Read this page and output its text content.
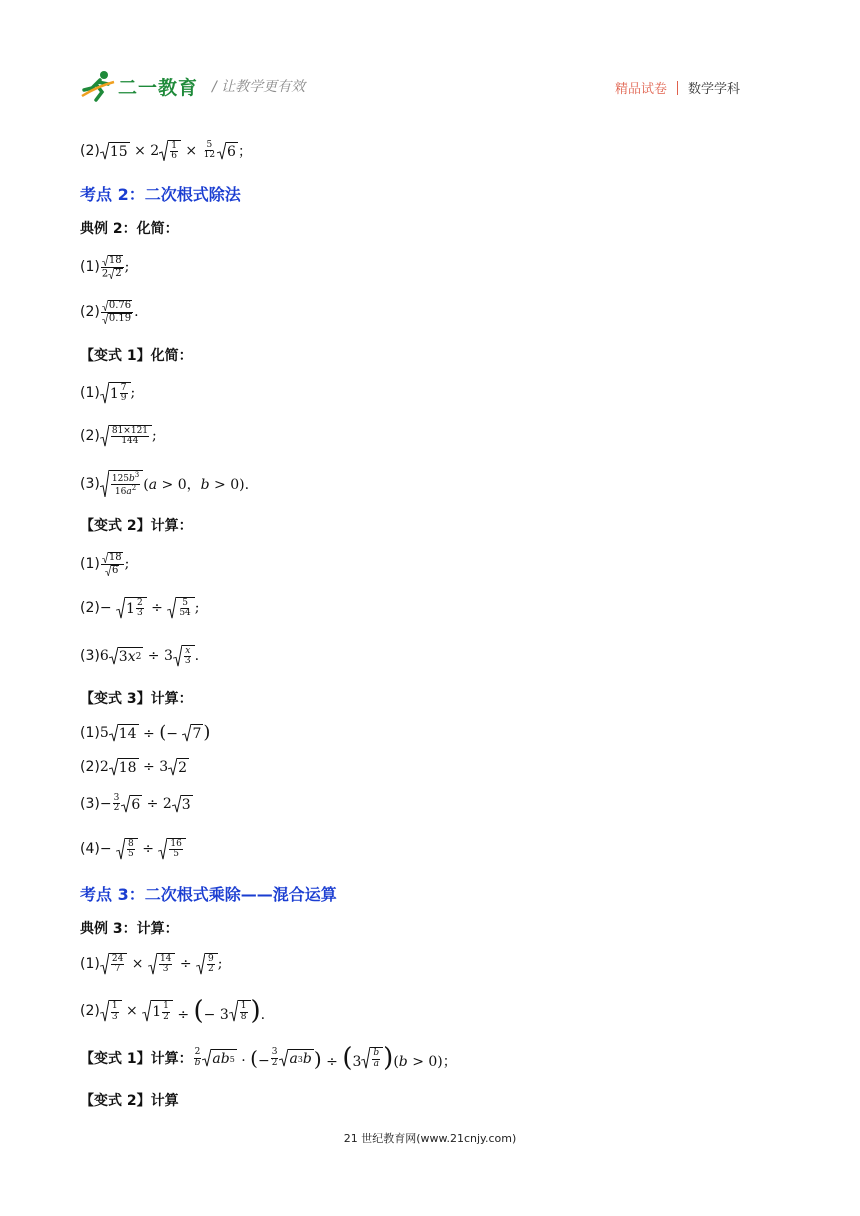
二一教育 / 让教学更有效	精品试卷 数学学科
(2) $15 \times 2 \frac{1}{6} \times \frac{5}{12} 6$ ；
考点 2：二次根式除法
典例 2：化简：
$(1) \frac{18}{2 2}$ ;
$(2) \frac{0.76}{0.19}$ .
【变式 1】化简：
(1) $1 \frac{7}{9}$ ;
$(2) \frac{81\times 121}{144}$ ;
$(3) \frac{125b^3}{16a^2} (a > 0$，b > 0).
【变式 2】计算：
$(1) \frac{18}{6}$ ;
$(2) - 1 \frac{2}{3} \div \frac{5}{54}$ ;
(3) 6 3 x $2 \div 3 \frac{x}{3}$ .
【变式 3】计算：
(1) 5 14 ÷ (− 7 )
(2) 2 18 ÷ 3 2
$(3) - \frac{3}{2} 6 \div 2$ 3
$(4) - \frac{8}{5} \div \frac{16}{5}$
考点 3：二次根式乘除——混合运算
典例 3：计算：
$(1) \frac{24}{7} \times \frac{14}{3} \div \frac{9}{2}$ ;
$(2) \frac{1}{3} \times 1 \frac{1}{2}$ ÷ (− $3 \frac{1}{8}$ ).
【变式 1】计算： $\frac{2}{b}$ ab 5 · (− $\frac{3}{2}$ a 3 b ) ÷ $(3 \frac{b}{a} )(b > 0)$；
【变式 2】计算
21 世纪教育网(www.21cnjy.com)
